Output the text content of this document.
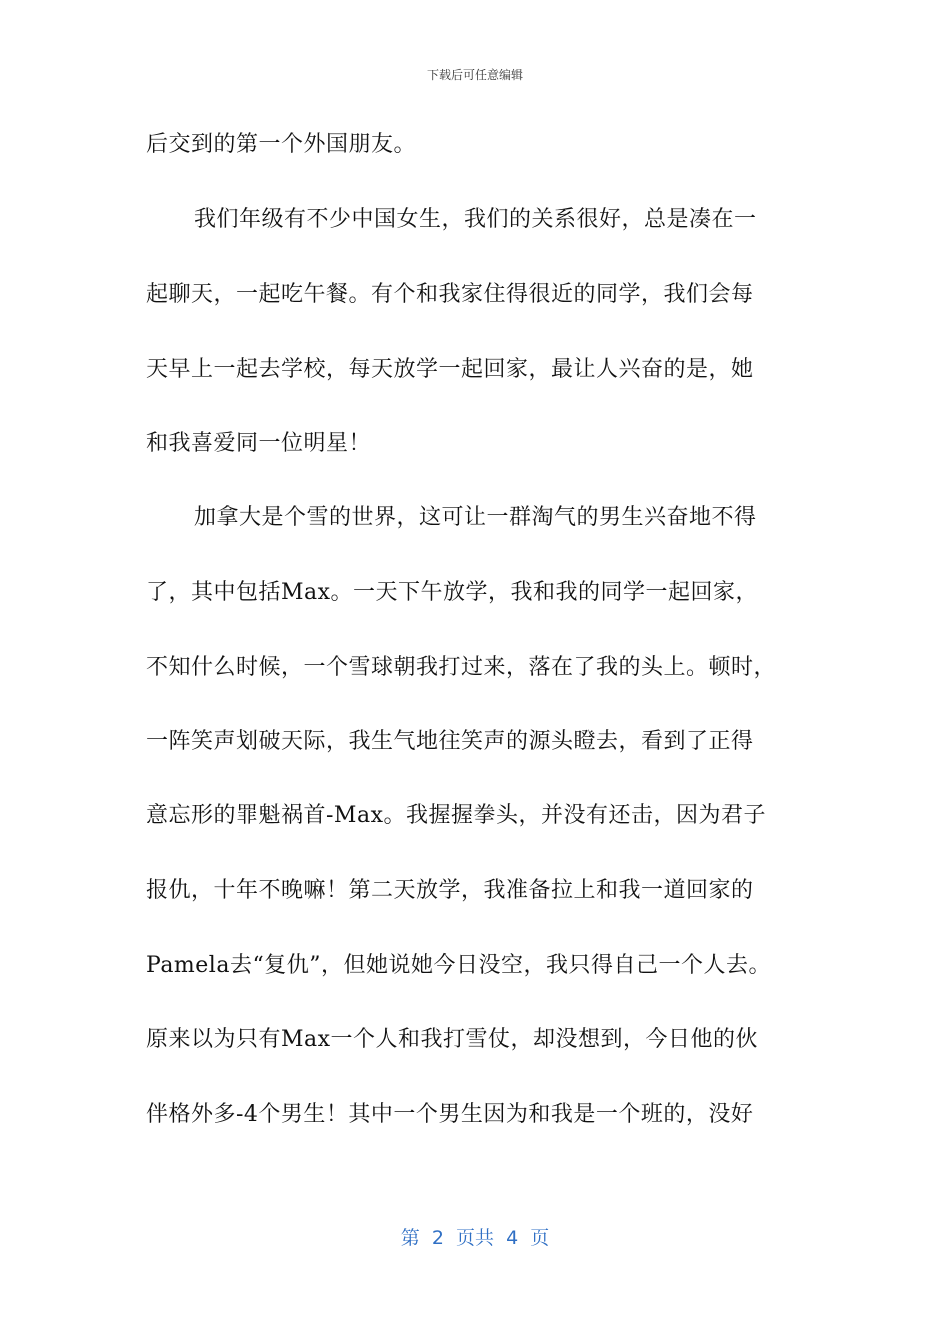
下载后可任意编辑
后交到的第一个外国朋友。
我们年级有不少中国女生，我们的关系很好，总是凑在一
起聊天，一起吃午餐。有个和我家住得很近的同学，我们会每
天早上一起去学校，每天放学一起回家，最让人兴奋的是，她
和我喜爱同一位明星！
加拿大是个雪的世界，这可让一群淘气的男生兴奋地不得
了，其中包括Max。一天下午放学，我和我的同学一起回家，
不知什么时候，一个雪球朝我打过来，落在了我的头上。顿时，
一阵笑声划破天际，我生气地往笑声的源头瞪去，看到了正得
意忘形的罪魁祸首-Max。我握握拳头，并没有还击，因为君子
报仇，十年不晚嘛！第二天放学，我准备拉上和我一道回家的
Pamela去“复仇”，但她说她今日没空，我只得自己一个人去。
原来以为只有Max一个人和我打雪仗，却没想到，今日他的伙
伴格外多-4个男生！其中一个男生因为和我是一个班的，没好
第  2  页共  4  页
